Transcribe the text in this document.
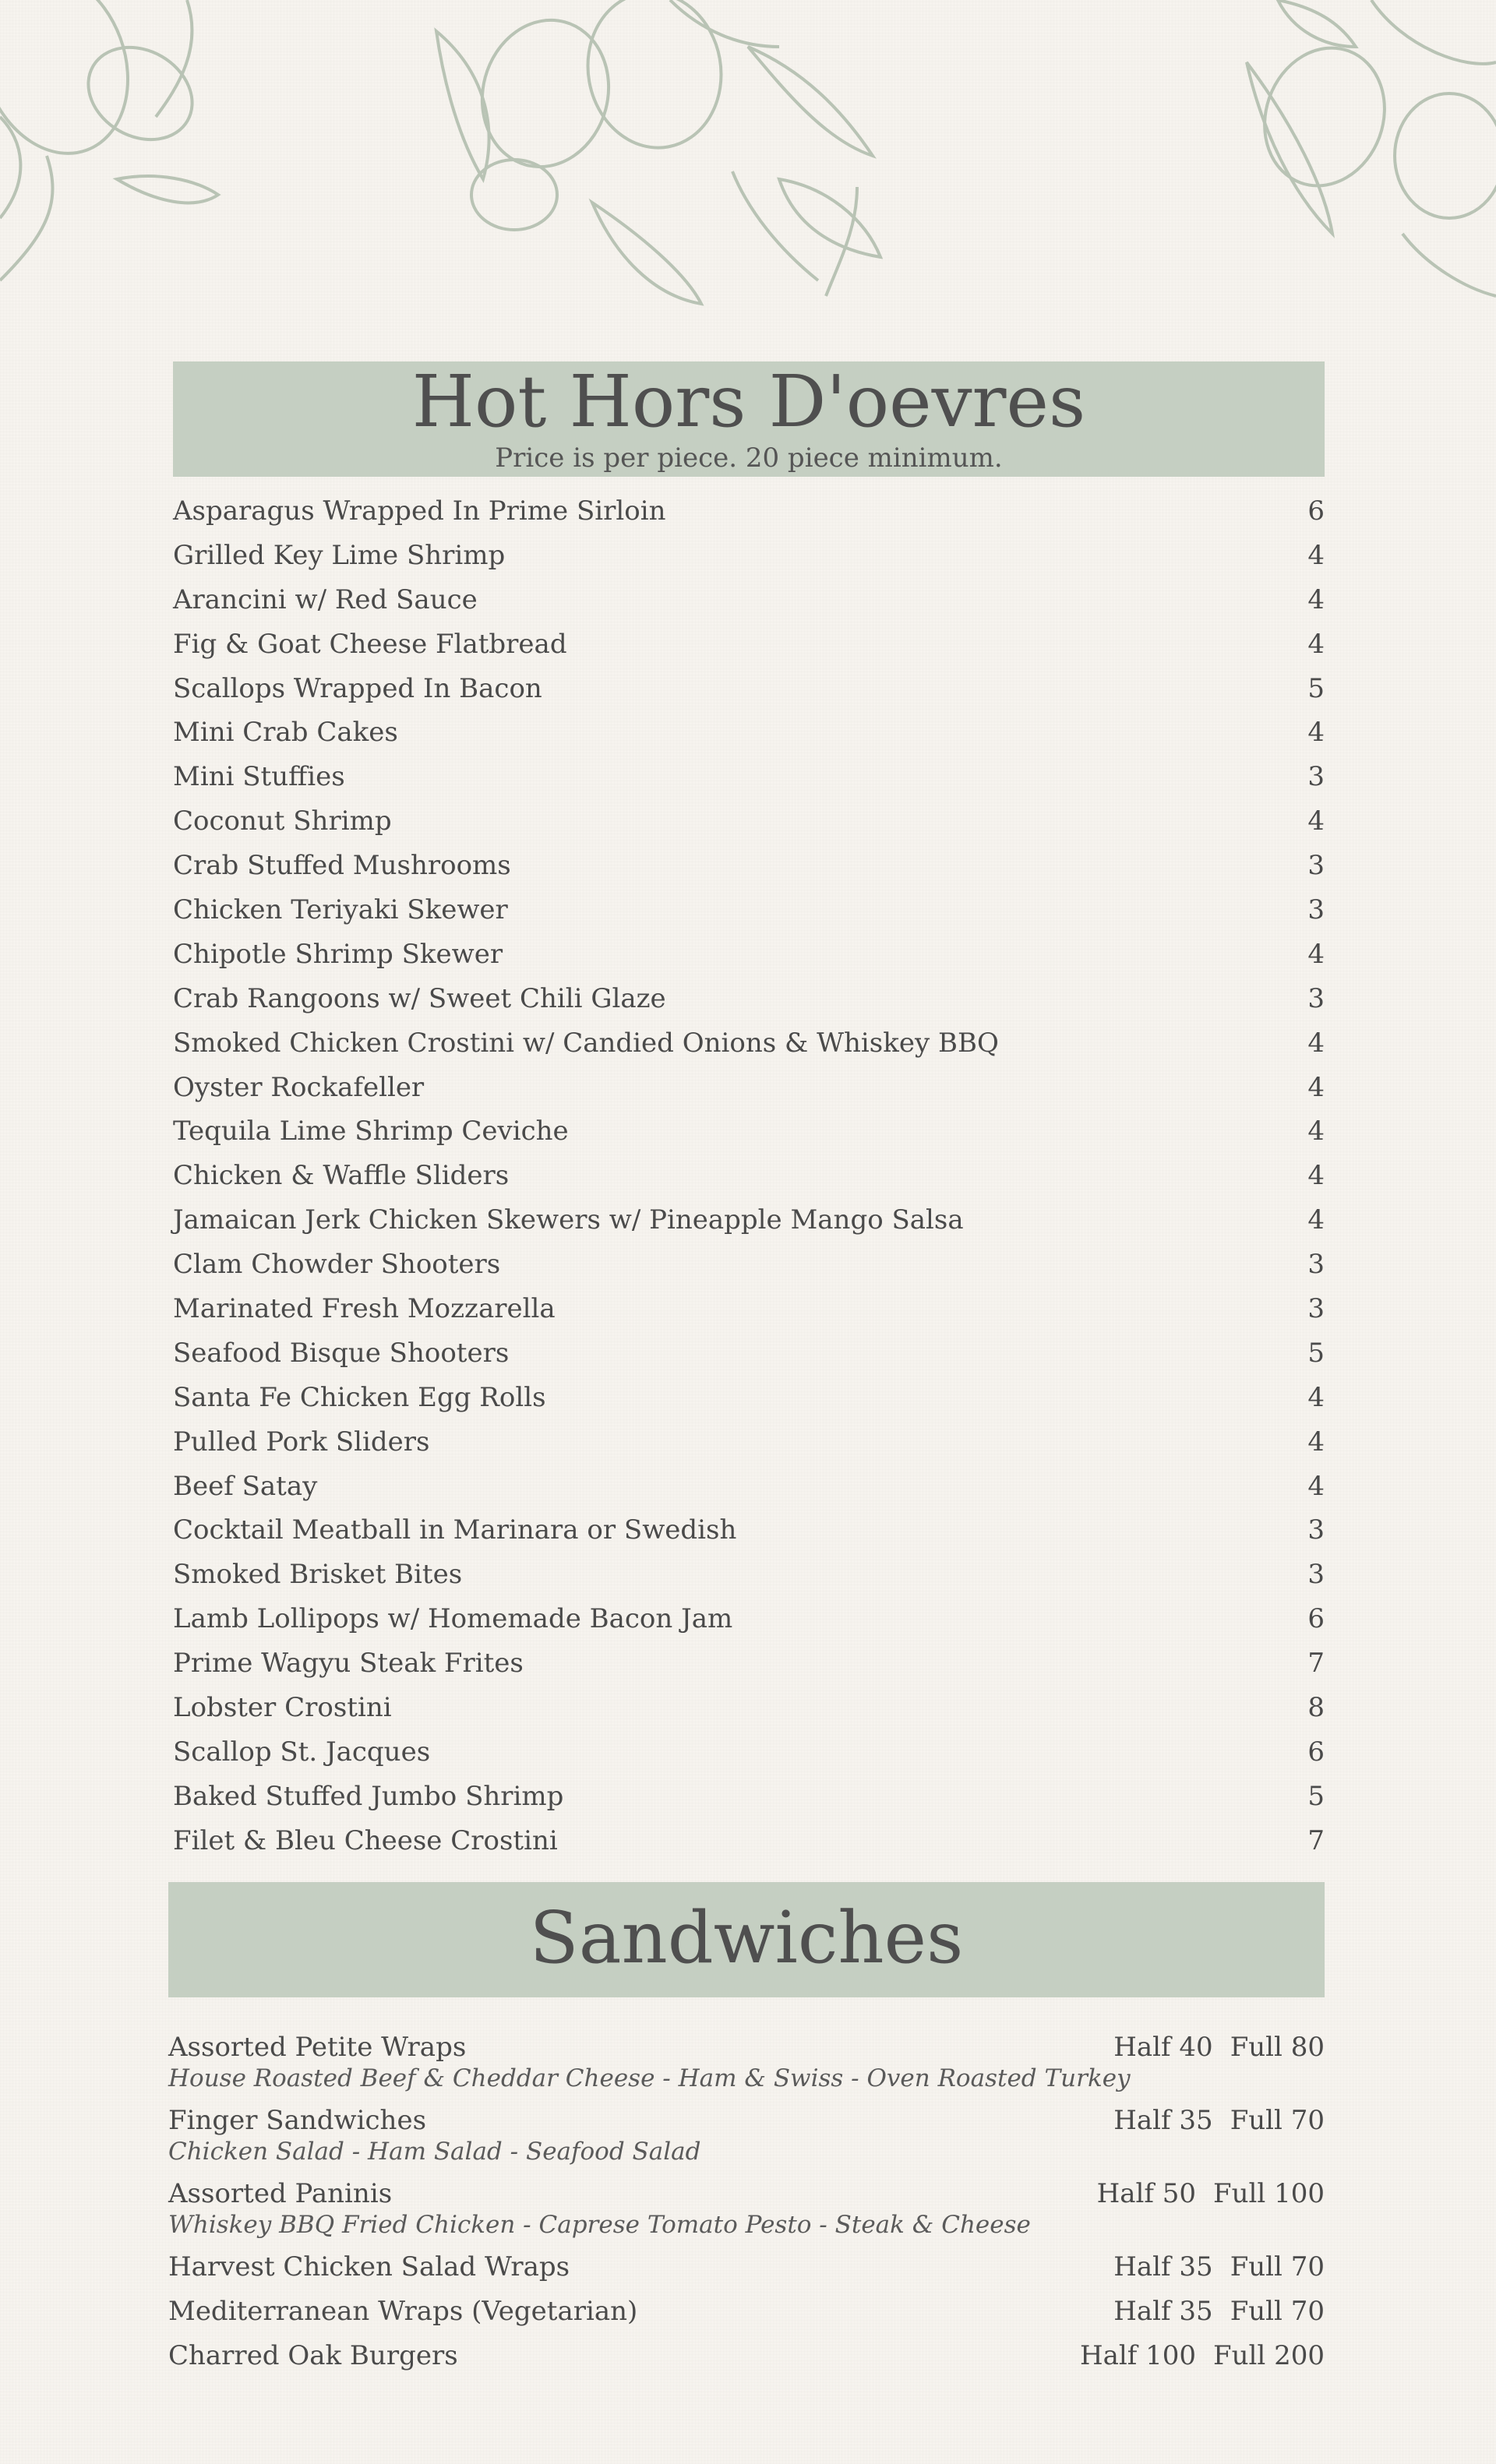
Hot Hors D'oevres
Price is per piece. 20 piece minimum.
Asparagus Wrapped In Prime Sirloin	6
Grilled Key Lime Shrimp	4
Arancini w/ Red Sauce	4
Fig & Goat Cheese Flatbread	4
Scallops Wrapped In Bacon	5
Mini Crab Cakes	4
Mini Stuffies	3
Coconut Shrimp	4
Crab Stuffed Mushrooms	3
Chicken Teriyaki Skewer	3
Chipotle Shrimp Skewer	4
Crab Rangoons w/ Sweet Chili Glaze	3
Smoked Chicken Crostini w/ Candied Onions & Whiskey BBQ	4
Oyster Rockafeller	4
Tequila Lime Shrimp Ceviche	4
Chicken & Waffle Sliders	4
Jamaican Jerk Chicken Skewers w/ Pineapple Mango Salsa	4
Clam Chowder Shooters	3
Marinated Fresh Mozzarella	3
Seafood Bisque Shooters	5
Santa Fe Chicken Egg Rolls	4
Pulled Pork Sliders	4
Beef Satay	4
Cocktail Meatball in Marinara or Swedish	3
Smoked Brisket Bites	3
Lamb Lollipops w/ Homemade Bacon Jam	6
Prime Wagyu Steak Frites	7
Lobster Crostini	8
Scallop St. Jacques	6
Baked Stuffed Jumbo Shrimp	5
Filet & Bleu Cheese Crostini	7
Sandwiches
Assorted Petite Wraps	Half 40 Full 80
House Roasted Beef & Cheddar Cheese - Ham & Swiss - Oven Roasted Turkey
Finger Sandwiches	Half 35 Full 70
Chicken Salad - Ham Salad - Seafood Salad
Assorted Paninis	Half 50 Full 100
Whiskey BBQ Fried Chicken - Caprese Tomato Pesto - Steak & Cheese
Harvest Chicken Salad Wraps	Half 35 Full 70
Mediterranean Wraps (Vegetarian)	Half 35 Full 70
Charred Oak Burgers	Half 100 Full 200
